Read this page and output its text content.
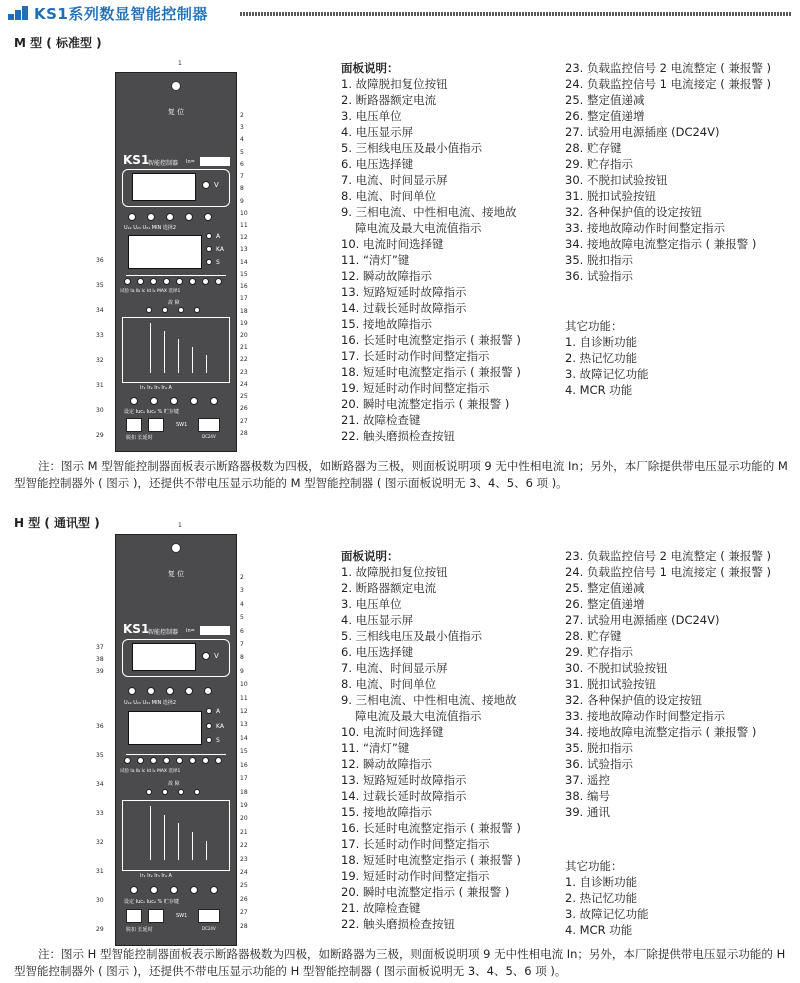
KS1系列数显智能控制器
M 型 ( 标准型 )
复 位
KS1
智能控制器 In=
V
U₁₂ U₂₃ U₃₁ MIN 选择2
A
KA
S
试验 Ia Ib Ic Id I₂ MAX 选择1
故 障
Ir₁ Ir₂ Ir₃ Ir₄ A
设定 Iuc₁ Iuc₂ % 贮存键
脱扣 长延时
SW1
DC24V
1
2
3
4
5
6
7
8
9
10
11
12
13
14
15
16
17
18
19
20
21
22
23
24
25
26
27
28
29
30
31
32
33
34
35
36
面板说明：
1. 故障脱扣复位按钮
2. 断路器额定电流
3. 电压单位
4. 电压显示屏
5. 三相线电压及最小值指示
6. 电压选择键
7. 电流、时间显示屏
8. 电流、时间单位
9. 三相电流、中性相电流、接地故
障电流及最大电流值指示
10. 电流时间选择键
11. “清灯”键
12. 瞬动故障指示
13. 短路短延时故障指示
14. 过载长延时故障指示
15. 接地故障指示
16. 长延时电流整定指示 ( 兼报警 )
17. 长延时动作时间整定指示
18. 短延时电流整定指示 ( 兼报警 )
19. 短延时动作时间整定指示
20. 瞬时电流整定指示 ( 兼报警 )
21. 故障检查键
22. 触头磨损检查按钮
23. 负载监控信号 2 电流整定 ( 兼报警 )
24. 负载监控信号 1 电流接定 ( 兼报警 )
25. 整定值递减
26. 整定值递增
27. 试验用电源插座 (DC24V)
28. 贮存键
29. 贮存指示
30. 不脱扣试验按钮
31. 脱扣试验按钮
32. 各种保护值的设定按钮
33. 接地故障动作时间整定指示
34. 接地故障电流整定指示 ( 兼报警 )
35. 脱扣指示
36. 试验指示
其它功能：
1. 自诊断功能
2. 热记忆功能
3. 故障记忆功能
4. MCR 功能
注：图示 M 型智能控制器面板表示断路器极数为四极，如断路器为三极，则面板说明项 9 无中性相电流 In；另外，本厂除提供带电压显示功能的 M 型智能控制器外 ( 图示 )，还提供不带电压显示功能的 M 型智能控制器 ( 图示面板说明无 3、4、5、6 项 )。
H 型 ( 通讯型 )
复 位
KS1
智能控制器 In=
V
U₁₂ U₂₃ U₃₁ MIN 选择2
A
KA
S
试验 Ia Ib Ic Id I₂ MAX 选择1
故 障
Ir₁ Ir₂ Ir₃ Ir₄ A
设定 Iuc₁ Iuc₂ % 贮存键
脱扣 长延时
SW1
DC24V
1
2
3
4
5
6
7
8
9
10
11
12
13
14
15
16
17
18
19
20
21
22
23
24
25
26
27
28
29
30
31
32
33
34
35
36
37
38
39
面板说明：
1. 故障脱扣复位按钮
2. 断路器额定电流
3. 电压单位
4. 电压显示屏
5. 三相线电压及最小值指示
6. 电压选择键
7. 电流、时间显示屏
8. 电流、时间单位
9. 三相电流、中性相电流、接地故
障电流及最大电流值指示
10. 电流时间选择键
11. “清灯”键
12. 瞬动故障指示
13. 短路短延时故障指示
14. 过载长延时故障指示
15. 接地故障指示
16. 长延时电流整定指示 ( 兼报警 )
17. 长延时动作时间整定指示
18. 短延时电流整定指示 ( 兼报警 )
19. 短延时动作时间整定指示
20. 瞬时电流整定指示 ( 兼报警 )
21. 故障检查键
22. 触头磨损检查按钮
23. 负载监控信号 2 电流整定 ( 兼报警 )
24. 负载监控信号 1 电流接定 ( 兼报警 )
25. 整定值递减
26. 整定值递增
27. 试验用电源插座 (DC24V)
28. 贮存键
29. 贮存指示
30. 不脱扣试验按钮
31. 脱扣试验按钮
32. 各种保护值的设定按钮
33. 接地故障动作时间整定指示
34. 接地故障电流整定指示 ( 兼报警 )
35. 脱扣指示
36. 试验指示
37. 遥控
38. 编号
39. 通讯
其它功能：
1. 自诊断功能
2. 热记忆功能
3. 故障记忆功能
4. MCR 功能
注：图示 H 型智能控制器面板表示断路器极数为四极，如断路器为三极，则面板说明项 9 无中性相电流 In；另外，本厂除提供带电压显示功能的 H 型智能控制器外 ( 图示 )，还提供不带电压显示功能的 H 型智能控制器 ( 图示面板说明无 3、4、5、6 项 )。
